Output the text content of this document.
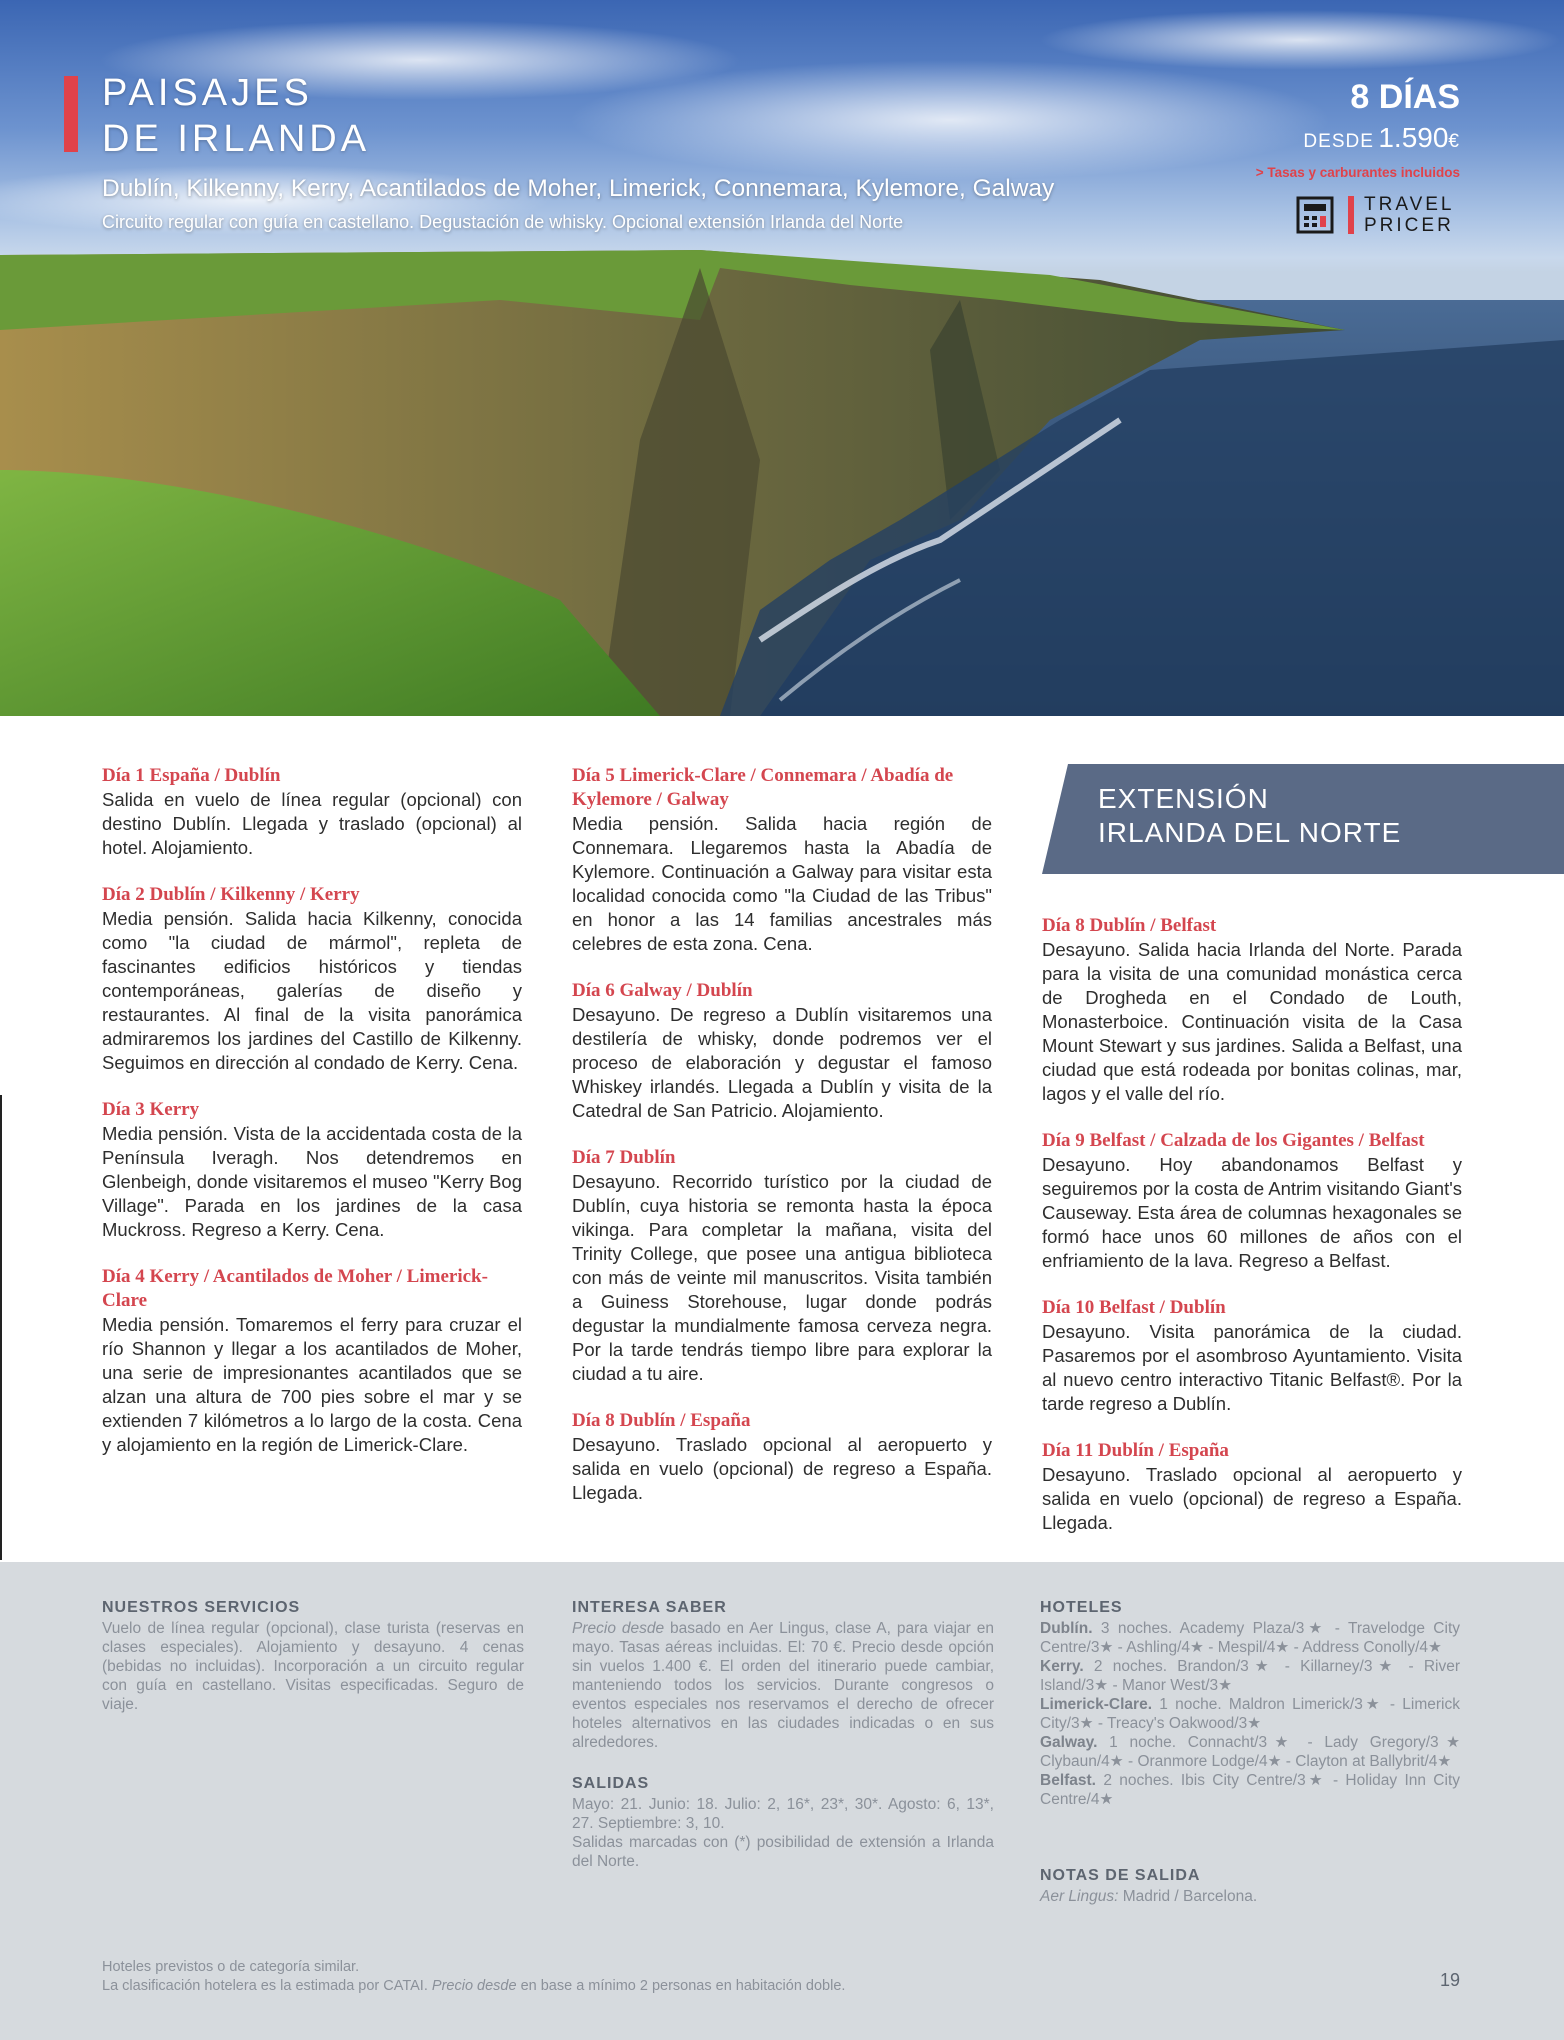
PAISAJES
DE IRLANDA
Dublín, Kilkenny, Kerry, Acantilados de Moher, Limerick, Connemara, Kylemore, Galway
Circuito regular con guía en castellano. Degustación de whisky. Opcional extensión Irlanda del Norte
8 DÍAS
DESDE 1.590€
> Tasas y carburantes incluidos
TRAVEL
PRICER
Día 1 España / Dublín

Salida en vuelo de línea regular (opcional) con destino Dublín. Llegada y traslado (opcional) al hotel. Alojamiento.

Día 2 Dublín / Kilkenny / Kerry

Media pensión. Salida hacia Kilkenny, conocida como "la ciudad de mármol", repleta de fascinantes edificios históricos y tiendas contemporáneas, galerías de diseño y restaurantes. Al final de la visita panorámica admiraremos los jardines del Castillo de Kilkenny. Seguimos en dirección al condado de Kerry. Cena.

Día 3 Kerry

Media pensión. Vista de la accidentada costa de la Península Iveragh. Nos detendremos en Glenbeigh, donde visitaremos el museo "Kerry Bog Village". Parada en los jardines de la casa Muckross. Regreso a Kerry. Cena.

Día 4 Kerry / Acantilados de Moher / Limerick-Clare

Media pensión. Tomaremos el ferry para cruzar el río Shannon y llegar a los acantilados de Moher, una serie de impresionantes acantilados que se alzan una altura de 700 pies sobre el mar y se extienden 7 kilómetros a lo largo de la costa. Cena y alojamiento en la región de Limerick-Clare.

Día 5 Limerick-Clare / Connemara / Abadía de Kylemore / Galway

Media pensión. Salida hacia región de Connemara. Llegaremos hasta la Abadía de Kylemore. Continuación a Galway para visitar esta localidad conocida como "la Ciudad de las Tribus" en honor a las 14 familias ancestrales más celebres de esta zona. Cena.

Día 6 Galway / Dublín

Desayuno. De regreso a Dublín visitaremos una destilería de whisky, donde podremos ver el proceso de elaboración y degustar el famoso Whiskey irlandés. Llegada a Dublín y visita de la Catedral de San Patricio. Alojamiento.

Día 7 Dublín

Desayuno. Recorrido turístico por la ciudad de Dublín, cuya historia se remonta hasta la época vikinga. Para completar la mañana, visita del Trinity College, que posee una antigua biblioteca con más de veinte mil manuscritos. Visita también a Guiness Storehouse, lugar donde podrás degustar la mundialmente famosa cerveza negra. Por la tarde tendrás tiempo libre para explorar la ciudad a tu aire.

Día 8 Dublín / España

Desayuno. Traslado opcional al aeropuerto y salida en vuelo (opcional) de regreso a España. Llegada.

EXTENSIÓN
IRLANDA DEL NORTE
Día 8 Dublín / Belfast

Desayuno. Salida hacia Irlanda del Norte. Parada para la visita de una comunidad monástica cerca de Drogheda en el Condado de Louth, Monasterboice. Continuación visita de la Casa Mount Stewart y sus jardines. Salida a Belfast, una ciudad que está rodeada por bonitas colinas, mar, lagos y el valle del río.

Día 9 Belfast / Calzada de los Gigantes / Belfast

Desayuno. Hoy abandonamos Belfast y seguiremos por la costa de Antrim visitando Giant's Causeway. Esta área de columnas hexagonales se formó hace unos 60 millones de años con el enfriamiento de la lava. Regreso a Belfast.

Día 10 Belfast / Dublín

Desayuno. Visita panorámica de la ciudad. Pasaremos por el asombroso Ayuntamiento. Visita al nuevo centro interactivo Titanic Belfast®. Por la tarde regreso a Dublín.

Día 11 Dublín / España

Desayuno. Traslado opcional al aeropuerto y salida en vuelo (opcional) de regreso a España. Llegada.

NUESTROS SERVICIOS

Vuelo de línea regular (opcional), clase turista (reservas en clases especiales). Alojamiento y desayuno. 4 cenas (bebidas no incluidas). Incorporación a un circuito regular con guía en castellano. Visitas especificadas. Seguro de viaje.

INTERESA SABER

Precio desde basado en Aer Lingus, clase A, para viajar en mayo. Tasas aéreas incluidas. El: 70 €. Precio desde opción sin vuelos 1.400 €. El orden del itinerario puede cambiar, manteniendo todos los servicios. Durante congresos o eventos especiales nos reservamos el derecho de ofrecer hoteles alternativos en las ciudades indicadas o en sus alrededores.

SALIDAS

Mayo: 21. Junio: 18. Julio: 2, 16*, 23*, 30*. Agosto: 6, 13*, 27. Septiembre: 3, 10.

Salidas marcadas con (*) posibilidad de extensión a Irlanda del Norte.

HOTELES

Dublín. 3 noches. Academy Plaza/3★ - Travelodge City Centre/3★ - Ashling/4★ - Mespil/4★ - Address Conolly/4★

Kerry. 2 noches. Brandon/3★ - Killarney/3★ - River Island/3★ - Manor West/3★

Limerick-Clare. 1 noche. Maldron Limerick/3★ - Limerick City/3★ - Treacy's Oakwood/3★

Galway. 1 noche. Connacht/3★ - Lady Gregory/3★ Clybaun/4★ - Oranmore Lodge/4★ - Clayton at Ballybrit/4★

Belfast. 2 noches. Ibis City Centre/3★ - Holiday Inn City Centre/4★

NOTAS DE SALIDA

Aer Lingus: Madrid / Barcelona.

Hoteles previstos o de categoría similar.
La clasificación hotelera es la estimada por CATAI. Precio desde en base a mínimo 2 personas en habitación doble.	19
